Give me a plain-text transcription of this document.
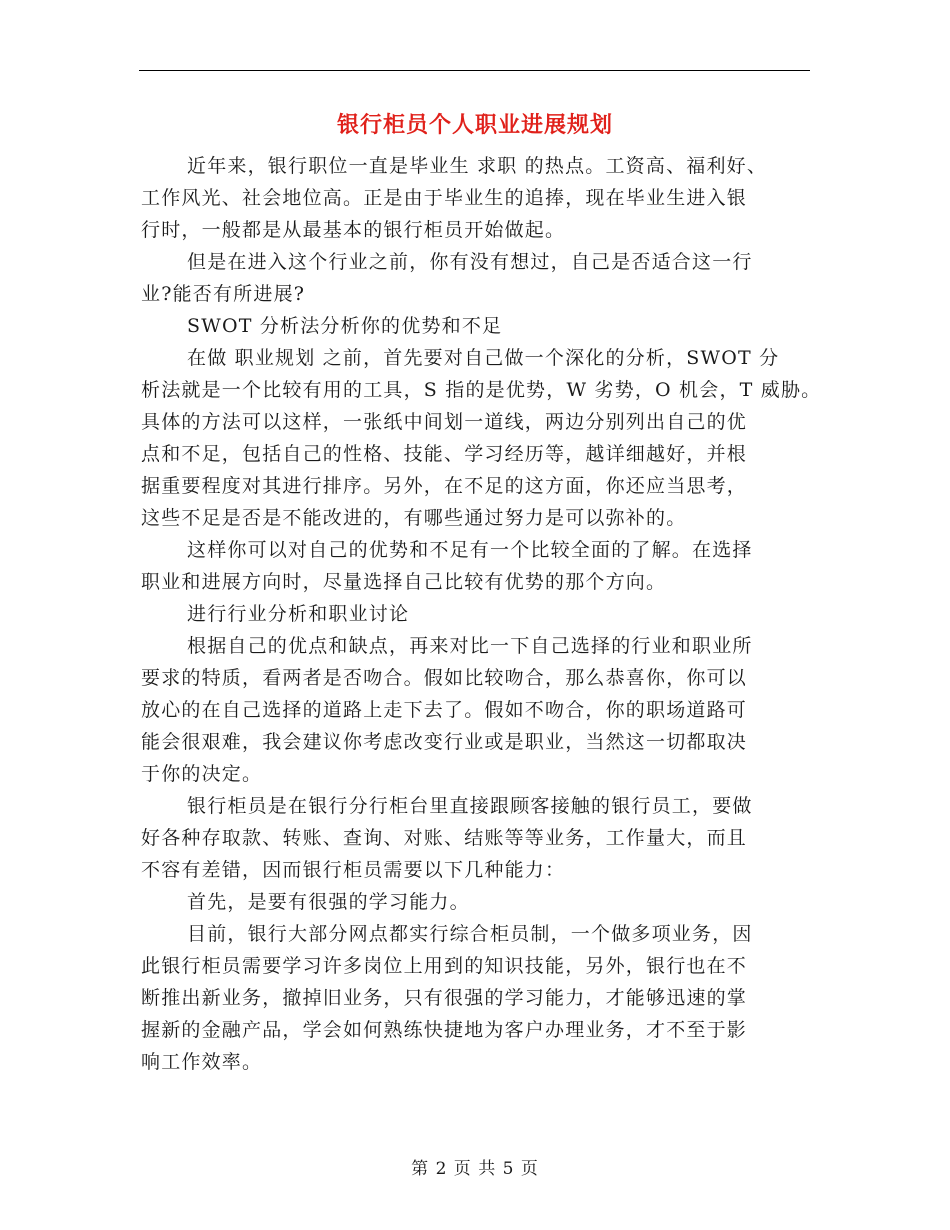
银行柜员个人职业进展规划
近年来，银行职位一直是毕业生 求职 的热点。工资高、福利好、
工作风光、社会地位高。正是由于毕业生的追捧，现在毕业生进入银
行时，一般都是从最基本的银行柜员开始做起。
但是在进入这个行业之前，你有没有想过，自己是否适合这一行
业?能否有所进展?
SWOT 分析法分析你的优势和不足
在做 职业规划 之前，首先要对自己做一个深化的分析，SWOT 分
析法就是一个比较有用的工具，S 指的是优势，W 劣势，O 机会，T 威胁。
具体的方法可以这样，一张纸中间划一道线，两边分别列出自己的优
点和不足，包括自己的性格、技能、学习经历等，越详细越好，并根
据重要程度对其进行排序。另外，在不足的这方面，你还应当思考，
这些不足是否是不能改进的，有哪些通过努力是可以弥补的。
这样你可以对自己的优势和不足有一个比较全面的了解。在选择
职业和进展方向时，尽量选择自己比较有优势的那个方向。
进行行业分析和职业讨论
根据自己的优点和缺点，再来对比一下自己选择的行业和职业所
要求的特质，看两者是否吻合。假如比较吻合，那么恭喜你，你可以
放心的在自己选择的道路上走下去了。假如不吻合，你的职场道路可
能会很艰难，我会建议你考虑改变行业或是职业，当然这一切都取决
于你的决定。
银行柜员是在银行分行柜台里直接跟顾客接触的银行员工，要做
好各种存取款、转账、查询、对账、结账等等业务，工作量大，而且
不容有差错，因而银行柜员需要以下几种能力：
首先，是要有很强的学习能力。
目前，银行大部分网点都实行综合柜员制，一个做多项业务，因
此银行柜员需要学习许多岗位上用到的知识技能，另外，银行也在不
断推出新业务，撤掉旧业务，只有很强的学习能力，才能够迅速的掌
握新的金融产品，学会如何熟练快捷地为客户办理业务，才不至于影
响工作效率。
第 2 页 共 5 页
